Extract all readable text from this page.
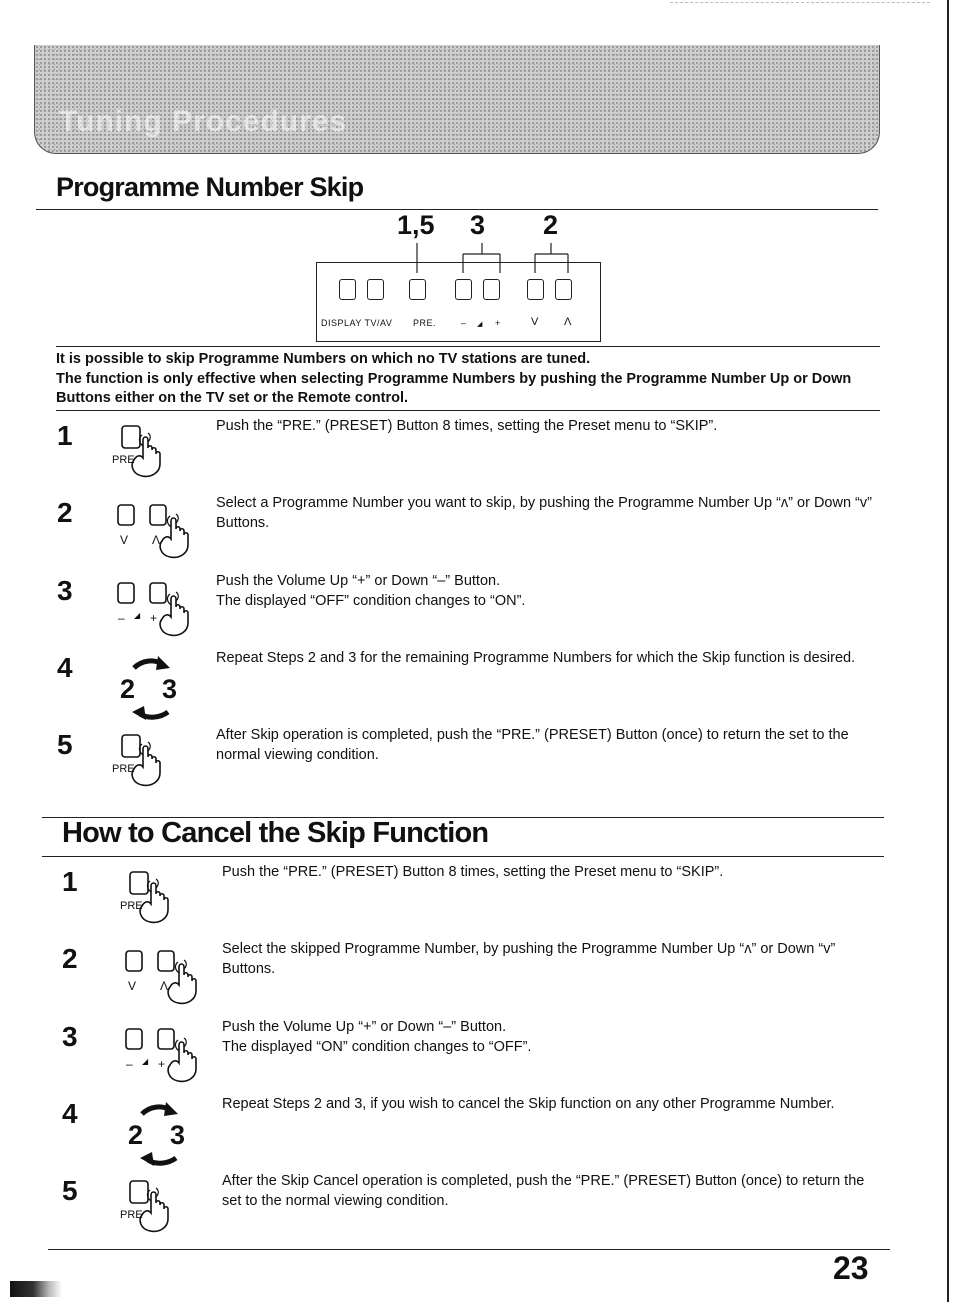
Tuning Procedures
Programme Number Skip
1,5 3 2
DISPLAY TV/AV PRE.	– ◢ +	V Λ

It is possible to skip Programme Numbers on which no TV stations are tuned.

The function is only effective when selecting Programme Numbers by pushing the Programme Number Up or Down Buttons either on the TV set or the Remote control.

1
PRE

Push the “PRE.” (PRESET) Button 8 times, setting the Preset menu to “SKIP”.

2
V Λ

Select a Programme Number you want to skip, by pushing the Programme Number Up “ʌ” or Down “v” Buttons.

3
– ◢ +

Push the Volume Up “+” or Down “–” Button.

The displayed “OFF” condition changes to “ON”.

4
2 3

Repeat Steps 2 and 3 for the remaining Programme Numbers for which the Skip function is desired.

5
PRE

After Skip operation is completed, push the “PRE.” (PRESET) Button (once) to return the set to the normal viewing condition.

How to Cancel the Skip Function
1
PRE

Push the “PRE.” (PRESET) Button 8 times, setting the Preset menu to “SKIP”.

2
V Λ

Select the skipped Programme Number, by pushing the Programme Number Up “ʌ” or Down “v” Buttons.

3
– ◢ +

Push the Volume Up “+” or Down “–” Button.

The displayed “ON” condition changes to “OFF”.

4
2 3

Repeat Steps 2 and 3, if you wish to cancel the Skip function on any other Programme Number.

5
PRE

After the Skip Cancel operation is completed, push the “PRE.” (PRESET) Button (once) to return the set to the normal viewing condition.

23
